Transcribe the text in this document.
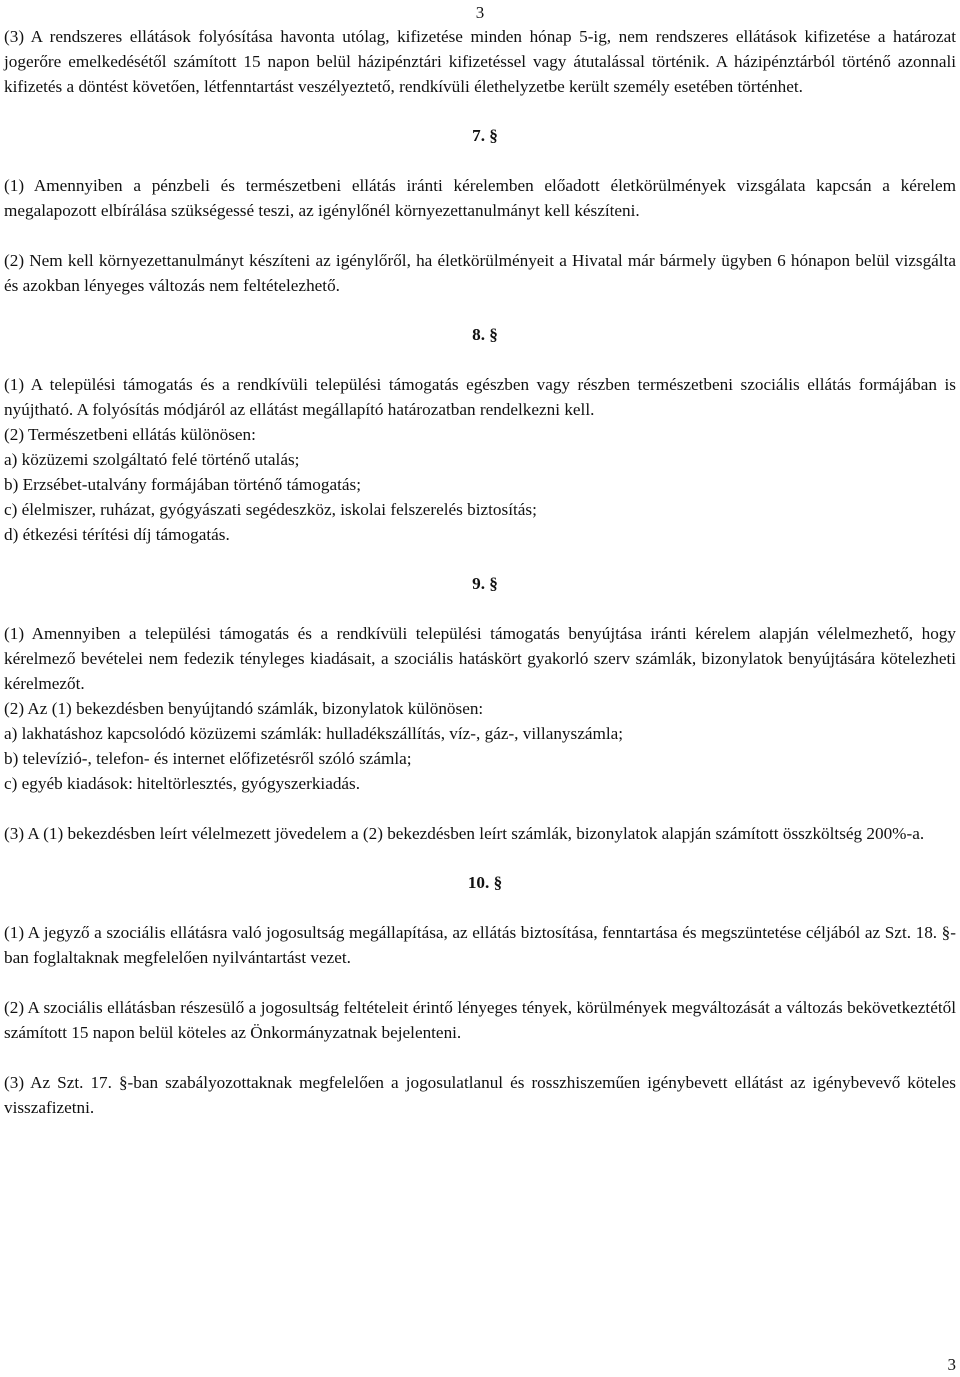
3

(3) A rendszeres ellátások folyósítása havonta utólag, kifizetése minden hónap 5-ig, nem rendszeres ellátások kifizetése a határozat jogerőre emelkedésétől számított 15 napon belül házipénztári kifizetéssel vagy átutalással történik. A házipénztárból történő azonnali kifizetés a döntést követően, létfenntartást veszélyeztető, rendkívüli élethelyzetbe került személy esetében történhet.

7. §

(1) Amennyiben a pénzbeli és természetbeni ellátás iránti kérelemben előadott életkörülmények vizsgálata kapcsán a kérelem megalapozott elbírálása szükségessé teszi, az igénylőnél környezettanulmányt kell készíteni.

(2) Nem kell környezettanulmányt készíteni az igénylőről, ha életkörülményeit a Hivatal már bármely ügyben 6 hónapon belül vizsgálta és azokban lényeges változás nem feltételezhető.

8. §

(1) A települési támogatás és a rendkívüli települési támogatás egészben vagy részben természetbeni szociális ellátás formájában is nyújtható. A folyósítás módjáról az ellátást megállapító határozatban rendelkezni kell.

(2) Természetbeni ellátás különösen:

a) közüzemi szolgáltató felé történő utalás;

b) Erzsébet-utalvány formájában történő támogatás;

c) élelmiszer, ruházat, gyógyászati segédeszköz, iskolai felszerelés biztosítás;

d) étkezési térítési díj támogatás.

9. §

(1) Amennyiben a települési támogatás és a rendkívüli települési támogatás benyújtása iránti kérelem alapján vélelmezhető, hogy kérelmező bevételei nem fedezik tényleges kiadásait, a szociális hatáskört gyakorló szerv számlák, bizonylatok benyújtására kötelezheti kérelmezőt.

(2) Az (1) bekezdésben benyújtandó számlák, bizonylatok különösen:

a) lakhatáshoz kapcsolódó közüzemi számlák: hulladékszállítás, víz-, gáz-, villanyszámla;

b) televízió-, telefon- és internet előfizetésről szóló számla;

c) egyéb kiadások: hiteltörlesztés, gyógyszerkiadás.

(3) A (1) bekezdésben leírt vélelmezett jövedelem a (2) bekezdésben leírt számlák, bizonylatok alapján számított összköltség 200%-a.

10. §

(1) A jegyző a szociális ellátásra való jogosultság megállapítása, az ellátás biztosítása, fenntartása és megszüntetése céljából az Szt. 18. §-ban foglaltaknak megfelelően nyilvántartást vezet.

(2) A szociális ellátásban részesülő a jogosultság feltételeit érintő lényeges tények, körülmények megváltozását a változás bekövetkeztétől számított 15 napon belül köteles az Önkormányzatnak bejelenteni.

(3) Az Szt. 17. §-ban szabályozottaknak megfelelően a jogosulatlanul és rosszhiszeműen igénybevett ellátást az igénybevevő köteles visszafizetni.

3
